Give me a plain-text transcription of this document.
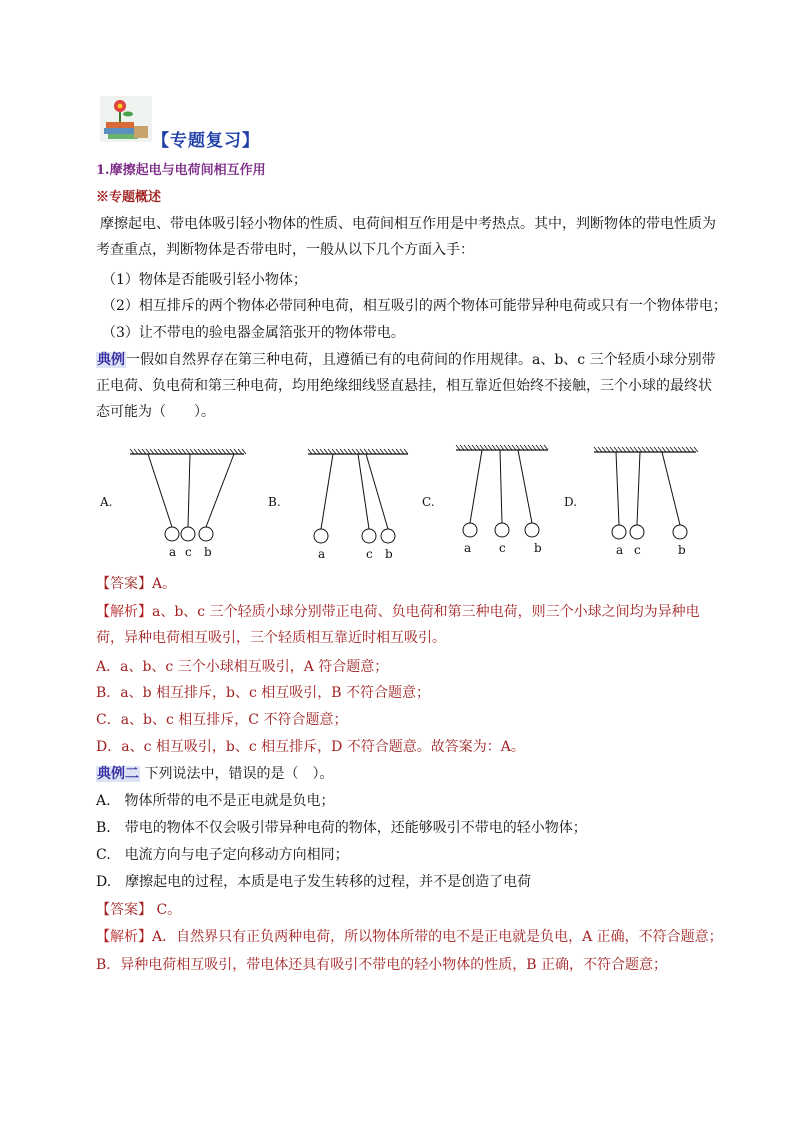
【专题复习】
1.摩擦起电与电荷间相互作用
※专题概述
摩擦起电、带电体吸引轻小物体的性质、电荷间相互作用是中考热点。其中，判断物体的带电性质为考查重点，判断物体是否带电时，一般从以下几个方面入手：
（1）物体是否能吸引轻小物体；
（2）相互排斥的两个物体必带同种电荷，相互吸引的两个物体可能带异种电荷或只有一个物体带电；
（3）让不带电的验电器金属箔张开的物体带电。
典例一假如自然界存在第三种电荷，且遵循已有的电荷间的作用规律。a、b、c 三个轻质小球分别带正电荷、负电荷和第三种电荷，均用绝缘细线竖直悬挂，相互靠近但始终不接触，三个小球的最终状态可能为（　　）。
A.
a c b
B.
a	c b
C.
a c b
D.
a c	b
【答案】A。
【解析】a、b、c 三个轻质小球分别带正电荷、负电荷和第三种电荷，则三个小球之间均为异种电荷，异种电荷相互吸引，三个轻质相互靠近时相互吸引。
A．a、b、c 三个小球相互吸引，A 符合题意；
B．a、b 相互排斥，b、c 相互吸引，B 不符合题意；
C．a、b、c 相互排斥，C 不符合题意；
D．a、c 相互吸引，b、c 相互排斥，D 不符合题意。故答案为：A。
典例二 下列说法中，错误的是（　）。
A.　物体所带的电不是正电就是负电；
B.　带电的物体不仅会吸引带异种电荷的物体，还能够吸引不带电的轻小物体；
C.　电流方向与电子定向移动方向相同；
D.　摩擦起电的过程，本质是电子发生转移的过程，并不是创造了电荷
【答案】 C。
【解析】A．自然界只有正负两种电荷，所以物体所带的电不是正电就是负电，A 正确，不符合题意；
B．异种电荷相互吸引，带电体还具有吸引不带电的轻小物体的性质，B 正确，不符合题意；
